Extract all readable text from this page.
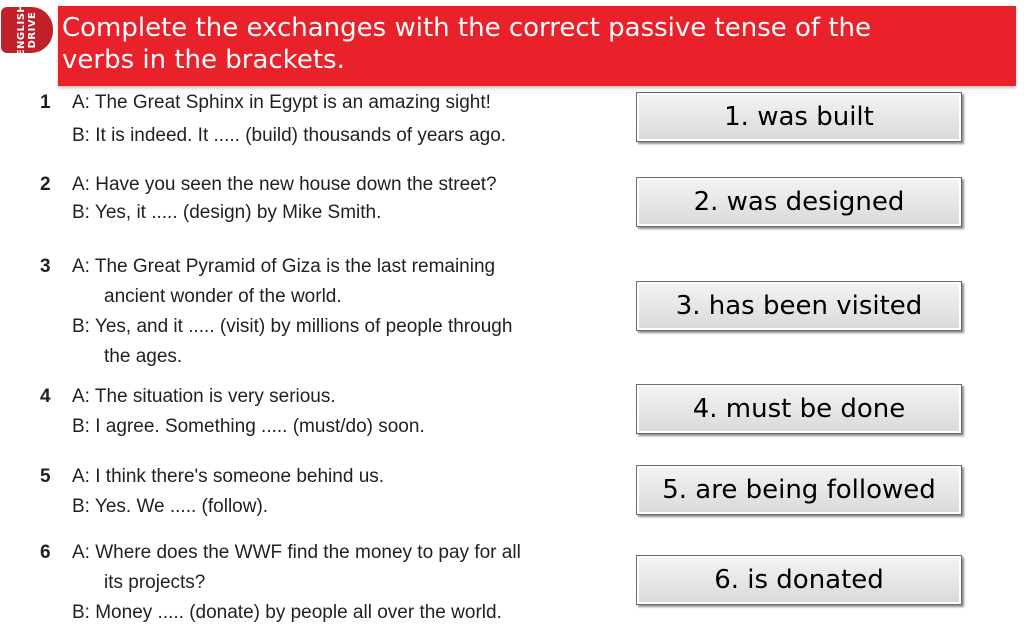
ENGLISH DRIVE Complete the exchanges with the correct passive tense of the
verbs in the brackets.
1	A: The Great Sphinx in Egypt is an amazing sight!
B: It is indeed. It ..... (build) thousands of years ago.
2	A: Have you seen the new house down the street?
B: Yes, it ..... (design) by Mike Smith.
3	A: The Great Pyramid of Giza is the last remaining
ancient wonder of the world.
B: Yes, and it ..... (visit) by millions of people through
the ages.
4	A: The situation is very serious.
B: I agree. Something ..... (must/do) soon.
5	A: I think there's someone behind us.
B: Yes. We ..... (follow).
6	A: Where does the WWF find the money to pay for all
its projects?
B: Money ..... (donate) by people all over the world.
1. was built
2. was designed
3. has been visited
4. must be done
5. are being followed
6. is donated
